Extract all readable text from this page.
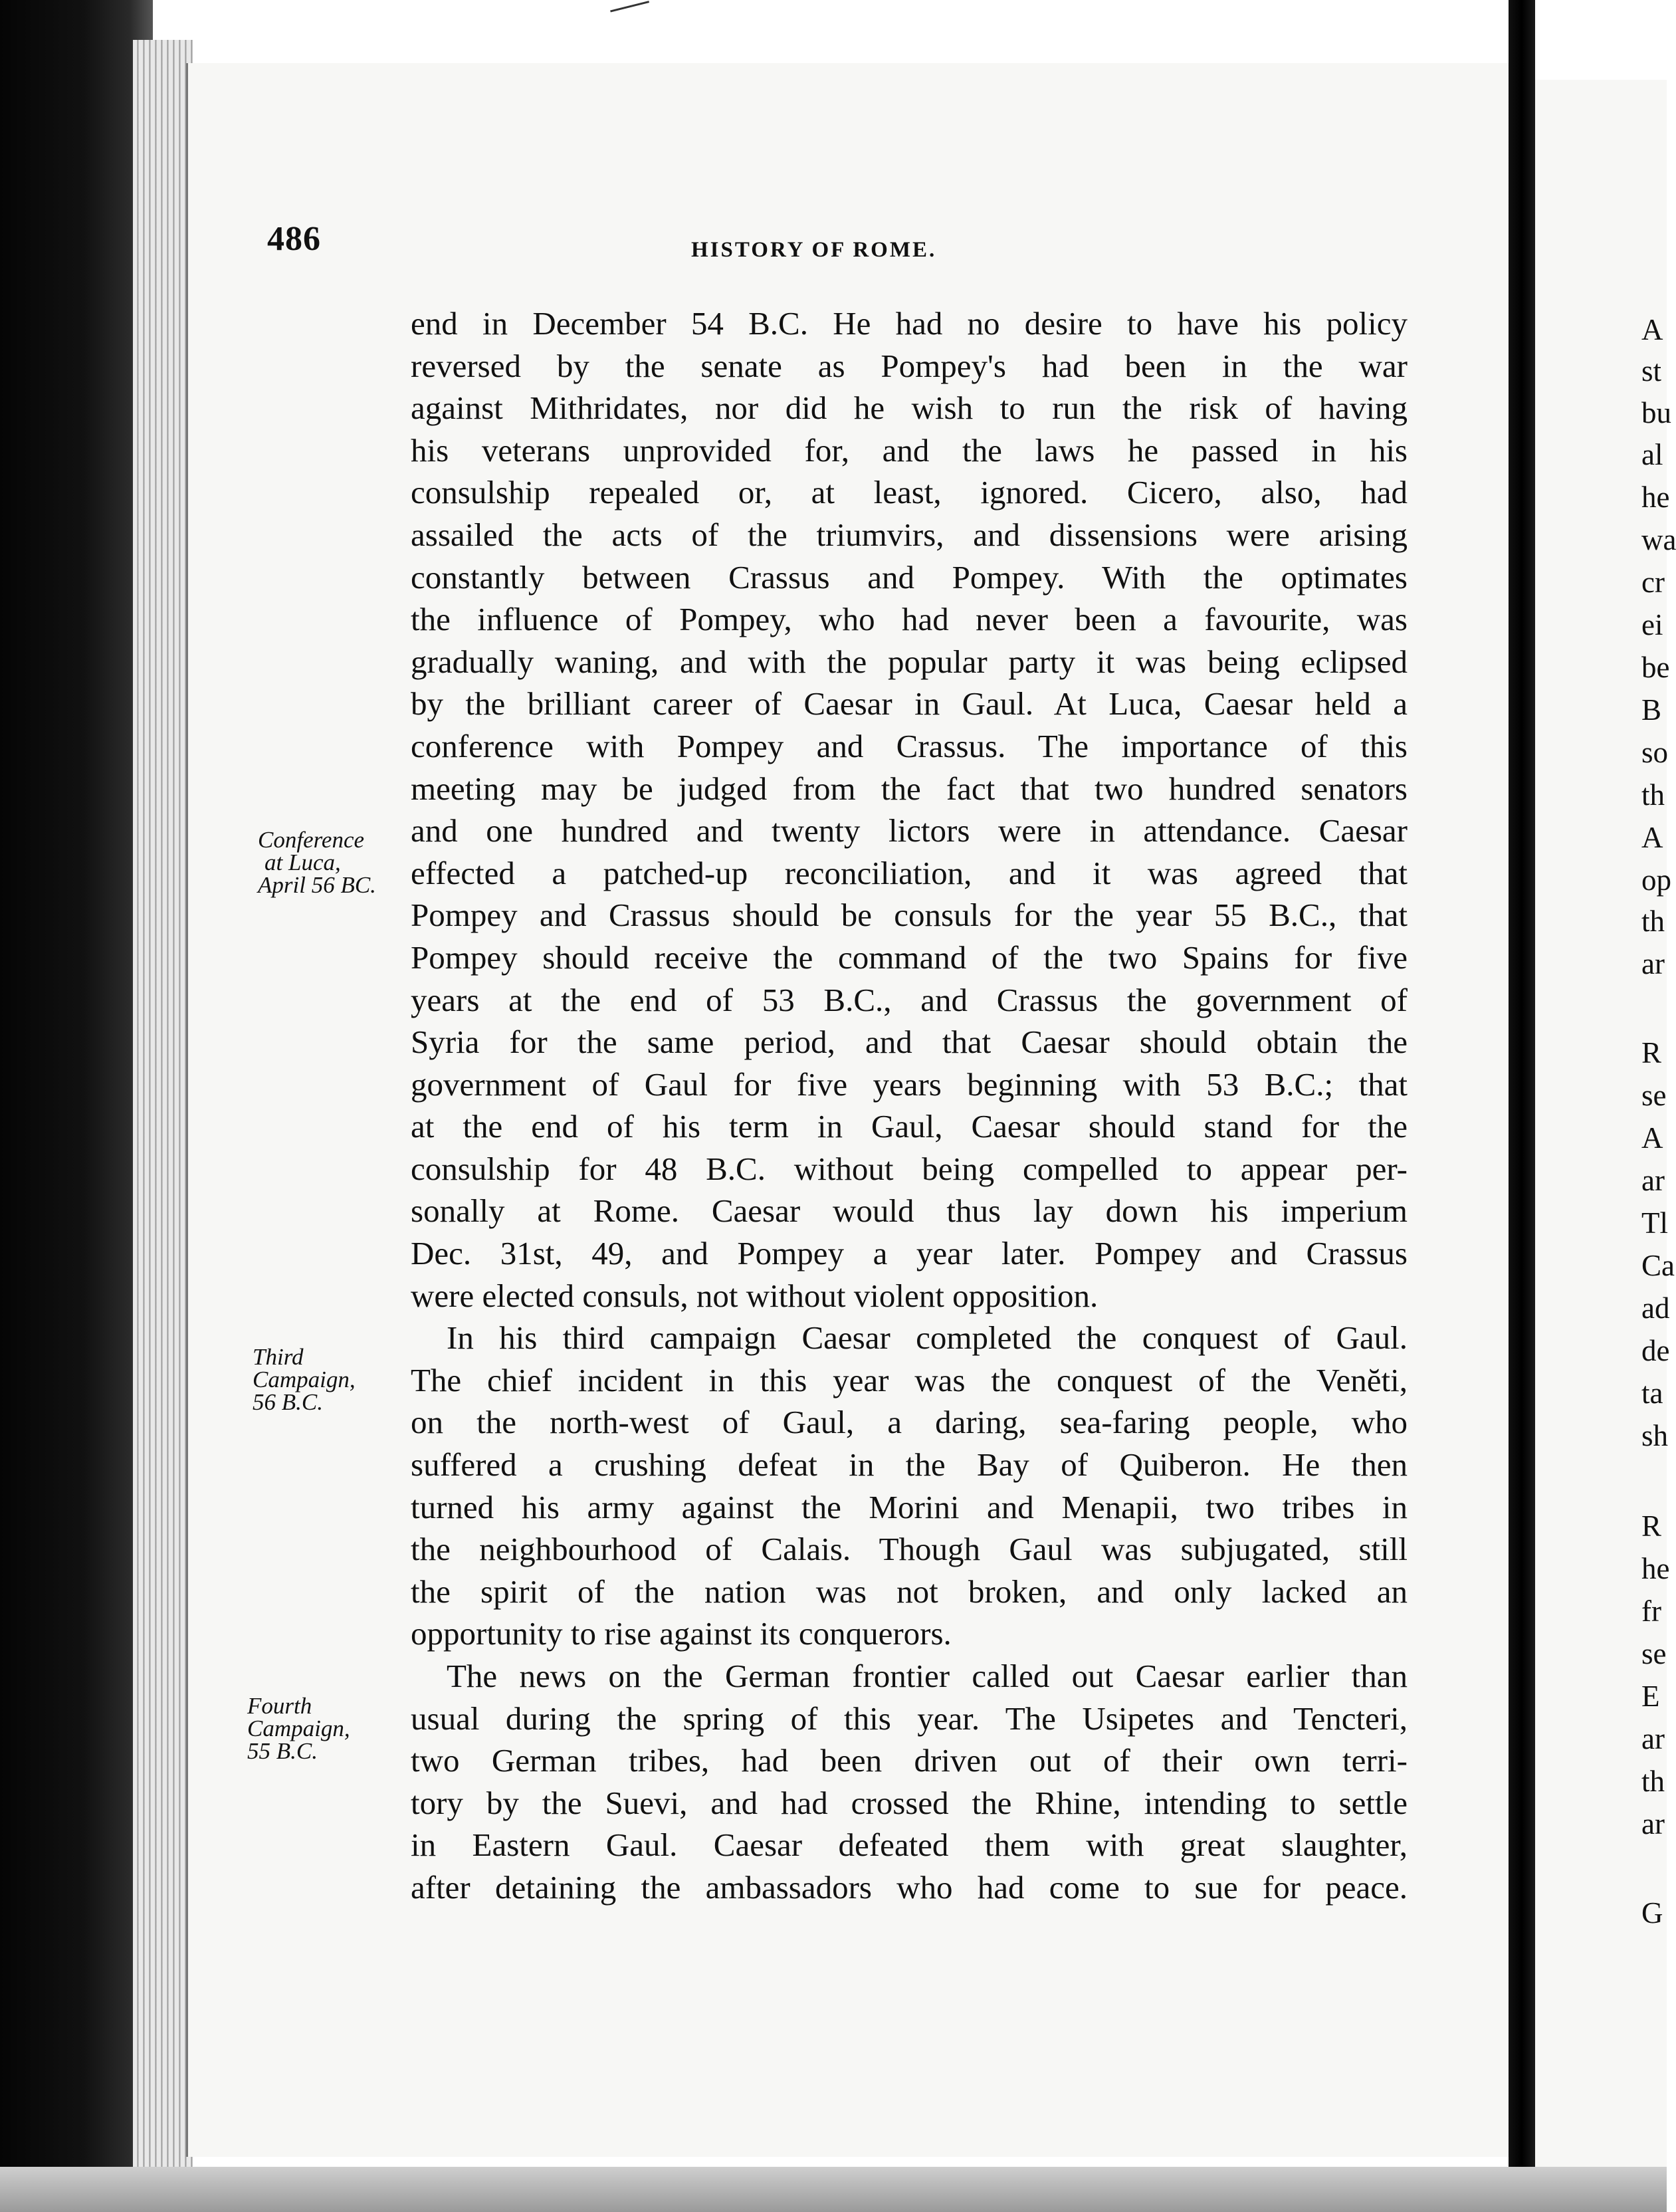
486	HISTORY OF ROME.
end in December 54 B.C. He had no desire to have his policy
reversed by the senate as Pompey's had been in the war
against Mithridates, nor did he wish to run the risk of having
his veterans unprovided for, and the laws he passed in his
consulship repealed or, at least, ignored. Cicero, also, had
assailed the acts of the triumvirs, and dissensions were arising
constantly between Crassus and Pompey. With the optimates
the influence of Pompey, who had never been a favourite, was
gradually waning, and with the popular party it was being eclipsed
by the brilliant career of Caesar in Gaul. At Luca, Caesar held a
conference with Pompey and Crassus. The importance of this
meeting may be judged from the fact that two hundred senators
and one hundred and twenty lictors were in attendance. Caesar
effected a patched-up reconciliation, and it was agreed that
Pompey and Crassus should be consuls for the year 55 B.C., that
Pompey should receive the command of the two Spains for five
years at the end of 53 B.C., and Crassus the government of
Syria for the same period, and that Caesar should obtain the
government of Gaul for five years beginning with 53 B.C.; that
at the end of his term in Gaul, Caesar should stand for the
consulship for 48 B.C. without being compelled to appear per-
sonally at Rome. Caesar would thus lay down his imperium
Dec. 31st, 49, and Pompey a year later. Pompey and Crassus
were elected consuls, not without violent opposition.
In his third campaign Caesar completed the conquest of Gaul.
The chief incident in this year was the conquest of the Venĕti,
on the north-west of Gaul, a daring, sea-faring people, who
suffered a crushing defeat in the Bay of Quiberon. He then
turned his army against the Morini and Menapii, two tribes in
the neighbourhood of Calais. Though Gaul was subjugated, still
the spirit of the nation was not broken, and only lacked an
opportunity to rise against its conquerors.
The news on the German frontier called out Caesar earlier than
usual during the spring of this year. The Usipetes and Tencteri,
two German tribes, had been driven out of their own terri-
tory by the Suevi, and had crossed the Rhine, intending to settle
in Eastern Gaul. Caesar defeated them with great slaughter,
after detaining the ambassadors who had come to sue for peace.
Conference
at Luca,
April 56 BC.
Third
Campaign,
56 B.C.
Fourth
Campaign,
55 B.C.
A
st
bu
al
he
wa
cr
ei
be
B
so
th
A
op
th
ar
R
se
A
ar
Tl
Ca
ad
de
ta
sh
R
he
fr
se
E
ar
th
ar
G
